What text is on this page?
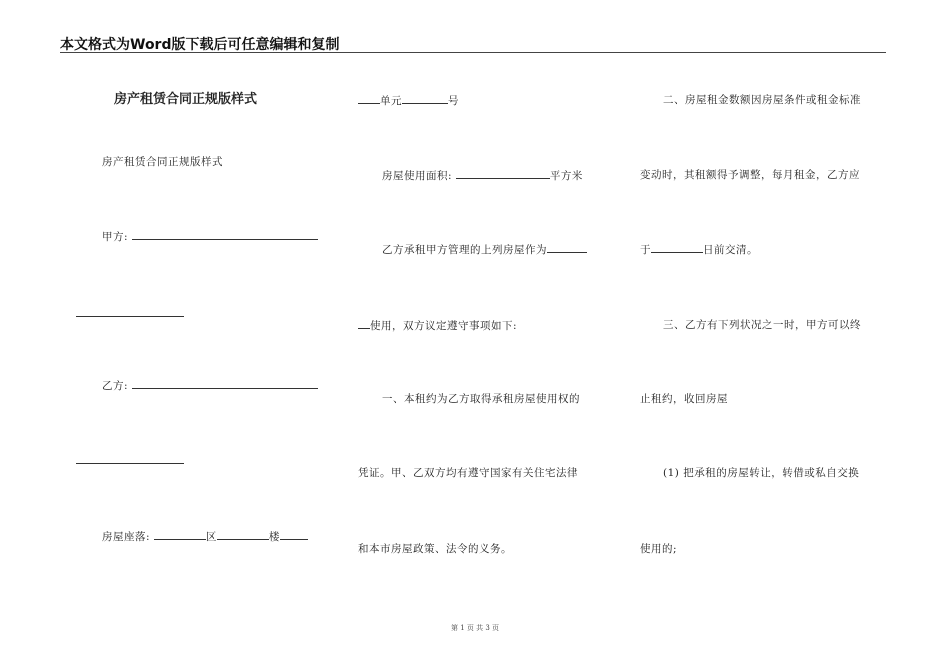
本文格式为Word版下载后可任意编辑和复制
房产租赁合同正规版样式
房产租赁合同正规版样式
甲方:
乙方:
房屋座落:	区	楼
单元	号
房屋使用面积:	平方米
乙方承租甲方管理的上列房屋作为
使用，双方议定遵守事项如下:
一、本租约为乙方取得承租房屋使用权的
凭证。甲、乙双方均有遵守国家有关住宅法律
和本市房屋政策、法令的义务。
二、房屋租金数额因房屋条件或租金标准
变动时，其租额得予调整，每月租金，乙方应
于	日前交清。
三、乙方有下列状况之一时，甲方可以终
止租约，收回房屋
(1) 把承租的房屋转让，转借或私自交换
使用的;
第 1 页 共 3 页
